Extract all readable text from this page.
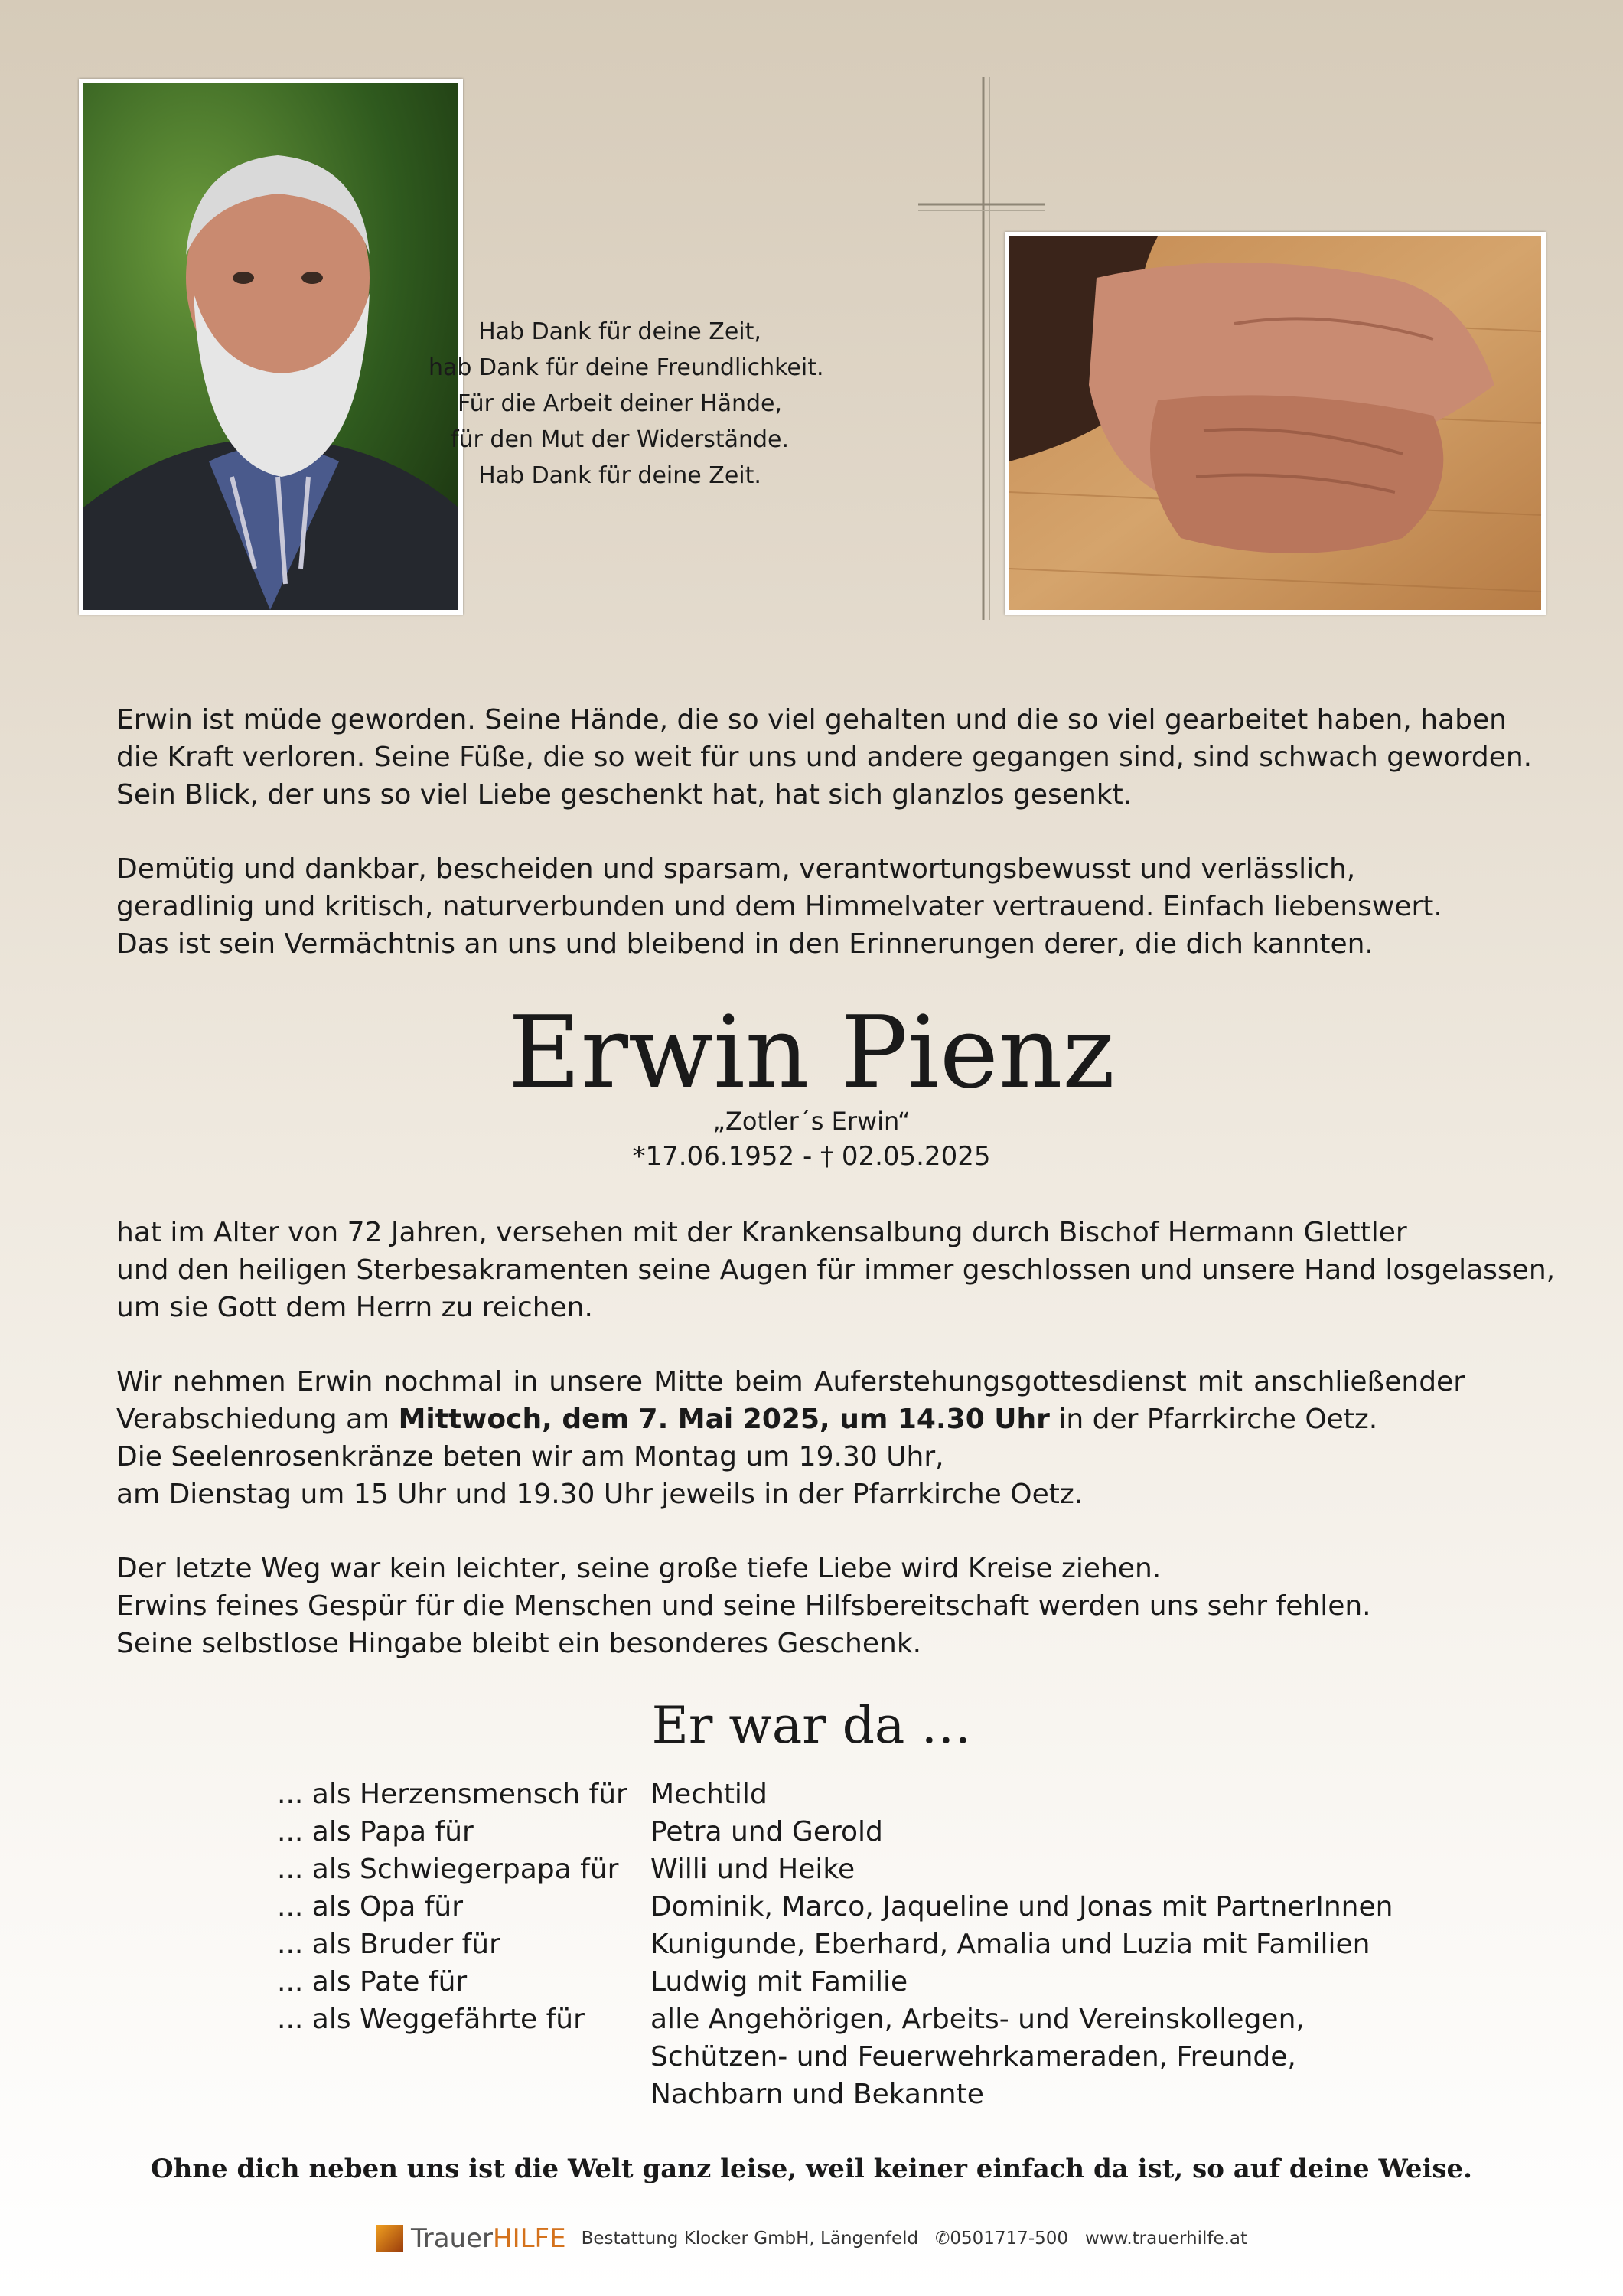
Hab Dank für deine Zeit,
hab Dank für deine Freundlichkeit.
Für die Arbeit deiner Hände,
für den Mut der Widerstände.
Hab Dank für deine Zeit.
Erwin ist müde geworden. Seine Hände, die so viel gehalten und die so viel gearbeitet haben, haben
die Kraft verloren. Seine Füße, die so weit für uns und andere gegangen sind, sind schwach geworden.
Sein Blick, der uns so viel Liebe geschenkt hat, hat sich glanzlos gesenkt.
Demütig und dankbar, bescheiden und sparsam, verantwortungsbewusst und verlässlich,
geradlinig und kritisch, naturverbunden und dem Himmelvater vertrauend. Einfach liebenswert.
Das ist sein Vermächtnis an uns und bleibend in den Erinnerungen derer, die dich kannten.
Erwin Pienz
„Zotler´s Erwin“
*17.06.1952 - † 02.05.2025
hat im Alter von 72 Jahren, versehen mit der Krankensalbung durch Bischof Hermann Glettler
und den heiligen Sterbesakramenten seine Augen für immer geschlossen und unsere Hand losgelassen,
um sie Gott dem Herrn zu reichen.
Wir nehmen Erwin nochmal in unsere Mitte beim Auferstehungsgottesdienst mit anschließender
Verabschiedung am Mittwoch, dem 7. Mai 2025, um 14.30 Uhr in der Pfarrkirche Oetz.
Die Seelenrosenkränze beten wir am Montag um 19.30 Uhr,
am Dienstag um 15 Uhr und 19.30 Uhr jeweils in der Pfarrkirche Oetz.
Der letzte Weg war kein leichter, seine große tiefe Liebe wird Kreise ziehen.
Erwins feines Gespür für die Menschen und seine Hilfsbereitschaft werden uns sehr fehlen.
Seine selbstlose Hingabe bleibt ein besonderes Geschenk.
Er war da …
... als Herzensmensch für Mechtild
... als Papa für	Petra und Gerold
... als Schwiegerpapa für	Willi und Heike
... als Opa für	Dominik, Marco, Jaqueline und Jonas mit PartnerInnen
... als Bruder für	Kunigunde, Eberhard, Amalia und Luzia mit Familien
... als Pate für	Ludwig mit Familie
... als Weggefährte für	alle Angehörigen, Arbeits- und Vereinskollegen,
Schützen- und Feuerwehrkameraden, Freunde,
Nachbarn und Bekannte
Ohne dich neben uns ist die Welt ganz leise, weil keiner einfach da ist, so auf deine Weise.
TrauerHILFE Bestattung Klocker GmbH, Längenfeld ✆0501717-500 www.trauerhilfe.at
